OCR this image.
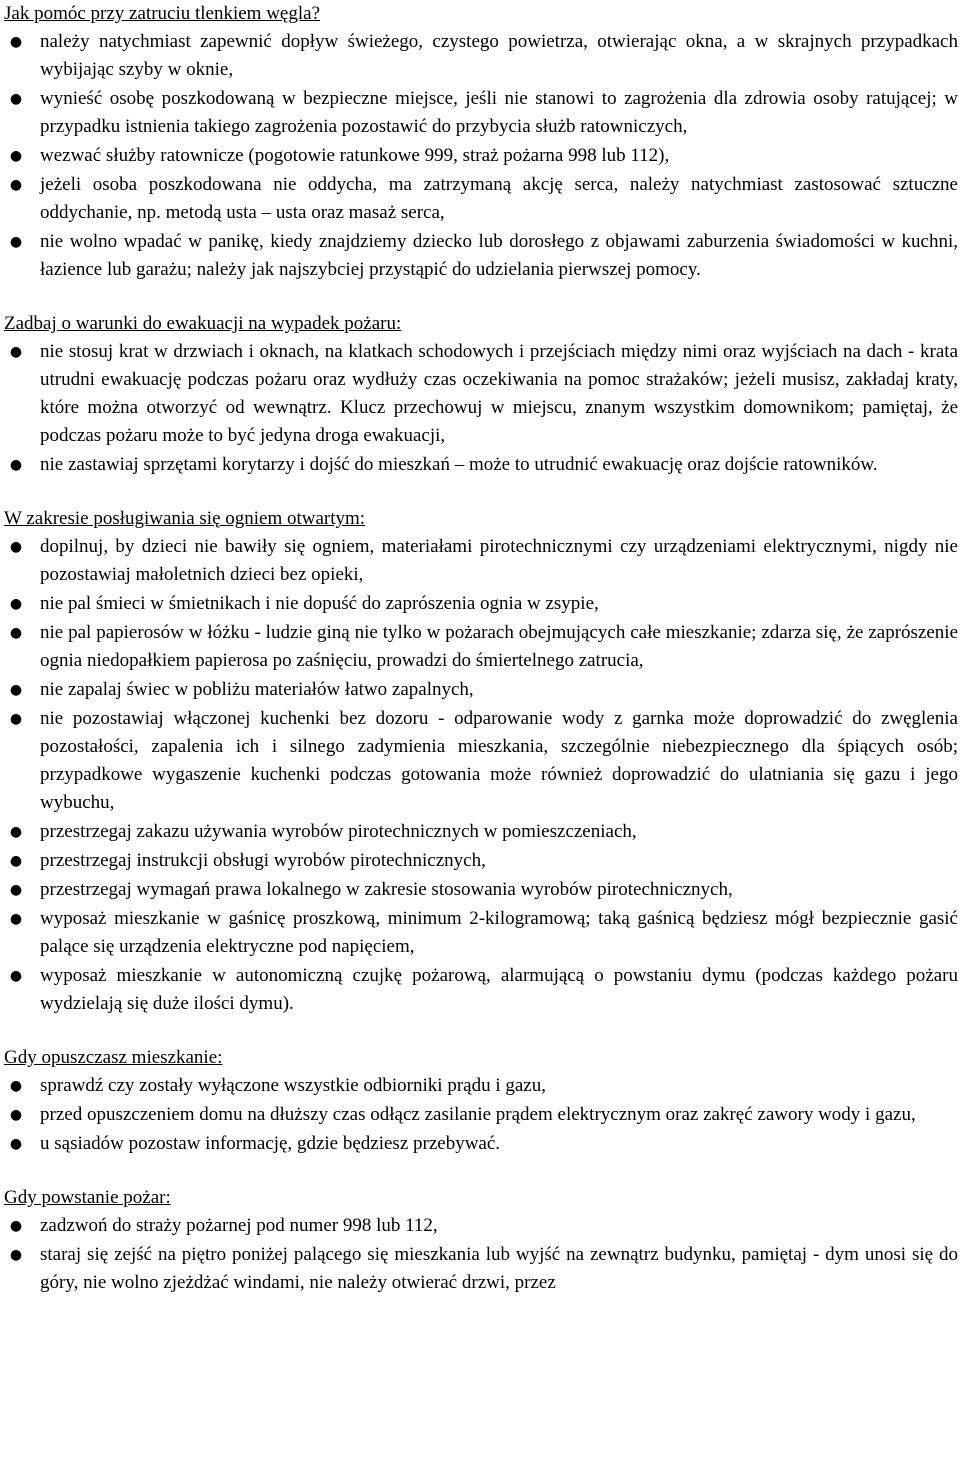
Jak pomóc przy zatruciu tlenkiem węgla?
● należy natychmiast zapewnić dopływ świeżego, czystego powietrza, otwierając okna, a w skrajnych przypadkach wybijając szyby w oknie,
● wynieść osobę poszkodowaną w bezpieczne miejsce, jeśli nie stanowi to zagrożenia dla zdrowia osoby ratującej; w przypadku istnienia takiego zagrożenia pozostawić do przybycia służb ratowniczych,
● wezwać służby ratownicze (pogotowie ratunkowe 999, straż pożarna 998 lub 112),
● jeżeli osoba poszkodowana nie oddycha, ma zatrzymaną akcję serca, należy natychmiast zastosować sztuczne oddychanie, np. metodą usta – usta oraz masaż serca,
● nie wolno wpadać w panikę, kiedy znajdziemy dziecko lub dorosłego z objawami zaburzenia świadomości w kuchni, łazience lub garażu; należy jak najszybciej przystąpić do udzielania pierwszej pomocy.
Zadbaj o warunki do ewakuacji na wypadek pożaru:
● nie stosuj krat w drzwiach i oknach, na klatkach schodowych i przejściach między nimi oraz wyjściach na dach - krata utrudni ewakuację podczas pożaru oraz wydłuży czas oczekiwania na pomoc strażaków; jeżeli musisz, zakładaj kraty, które można otworzyć od wewnątrz. Klucz przechowuj w miejscu, znanym wszystkim domownikom; pamiętaj, że podczas pożaru może to być jedyna droga ewakuacji,
● nie zastawiaj sprzętami korytarzy i dojść do mieszkań – może to utrudnić ewakuację oraz dojście ratowników.
W zakresie posługiwania się ogniem otwartym:
● dopilnuj, by dzieci nie bawiły się ogniem, materiałami pirotechnicznymi czy urządzeniami elektrycznymi, nigdy nie pozostawiaj małoletnich dzieci bez opieki,
● nie pal śmieci w śmietnikach i nie dopuść do zaprószenia ognia w zsypie,
● nie pal papierosów w łóżku - ludzie giną nie tylko w pożarach obejmujących całe mieszkanie; zdarza się, że zaprószenie ognia niedopałkiem papierosa po zaśnięciu, prowadzi do śmiertelnego zatrucia,
● nie zapalaj świec w pobliżu materiałów łatwo zapalnych,
● nie pozostawiaj włączonej kuchenki bez dozoru - odparowanie wody z garnka może doprowadzić do zwęglenia pozostałości, zapalenia ich i silnego zadymienia mieszkania, szczególnie niebezpiecznego dla śpiących osób; przypadkowe wygaszenie kuchenki podczas gotowania może również doprowadzić do ulatniania się gazu i jego wybuchu,
● przestrzegaj zakazu używania wyrobów pirotechnicznych w pomieszczeniach,
● przestrzegaj instrukcji obsługi wyrobów pirotechnicznych,
● przestrzegaj wymagań prawa lokalnego w zakresie stosowania wyrobów pirotechnicznych,
● wyposaż mieszkanie w gaśnicę proszkową, minimum 2-kilogramową; taką gaśnicą będziesz mógł bezpiecznie gasić palące się urządzenia elektryczne pod napięciem,
● wyposaż mieszkanie w autonomiczną czujkę pożarową, alarmującą o powstaniu dymu (podczas każdego pożaru wydzielają się duże ilości dymu).
Gdy opuszczasz mieszkanie:
● sprawdź czy zostały wyłączone wszystkie odbiorniki prądu i gazu,
● przed opuszczeniem domu na dłuższy czas odłącz zasilanie prądem elektrycznym oraz zakręć zawory wody i gazu,
● u sąsiadów pozostaw informację, gdzie będziesz przebywać.
Gdy powstanie pożar:
● zadzwoń do straży pożarnej pod numer 998 lub 112,
● staraj się zejść na piętro poniżej palącego się mieszkania lub wyjść na zewnątrz budynku, pamiętaj - dym unosi się do góry, nie wolno zjeżdżać windami, nie należy otwierać drzwi, przez
